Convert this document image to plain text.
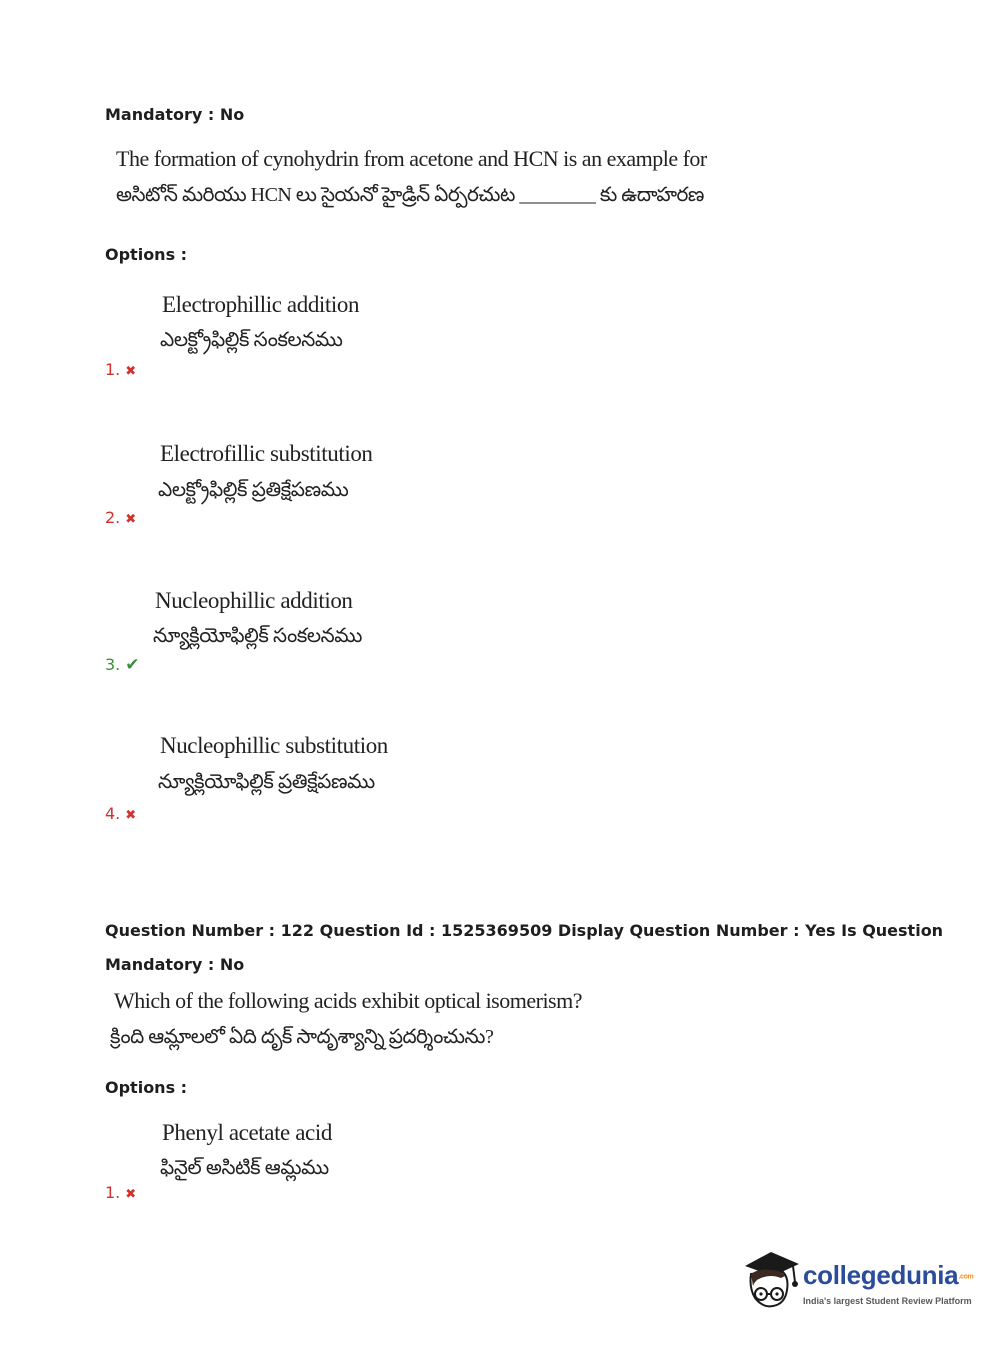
Mandatory : No
The formation of cynohydrin from acetone and HCN is an example for
అసిటోన్ మరియు HCN లు సైయనో హైడ్రిన్ ఏర్పరచుట ________ కు ఉదాహరణ
Options :
Electrophillic addition
ఎలక్ట్రోఫిల్లిక్ సంకలనము
1. ✖
Electrofillic substitution
ఎలక్ట్రోఫిల్లిక్ ప్రతిక్షేపణము
2. ✖
Nucleophillic addition
న్యూక్లియోఫిల్లిక్ సంకలనము
3. ✔
Nucleophillic substitution
న్యూక్లియోఫిల్లిక్ ప్రతిక్షేపణము
4. ✖
Question Number : 122 Question Id : 1525369509 Display Question Number : Yes Is Question
Mandatory : No
Which of the following acids exhibit optical isomerism?
క్రింది ఆమ్లాలలో ఏది దృక్ సాదృశ్యాన్ని ప్రదర్శించును?
Options :
Phenyl acetate acid
ఫినైల్ అసిటిక్ ఆమ్లము
1. ✖
collegedunia.com
India's largest Student Review Platform
